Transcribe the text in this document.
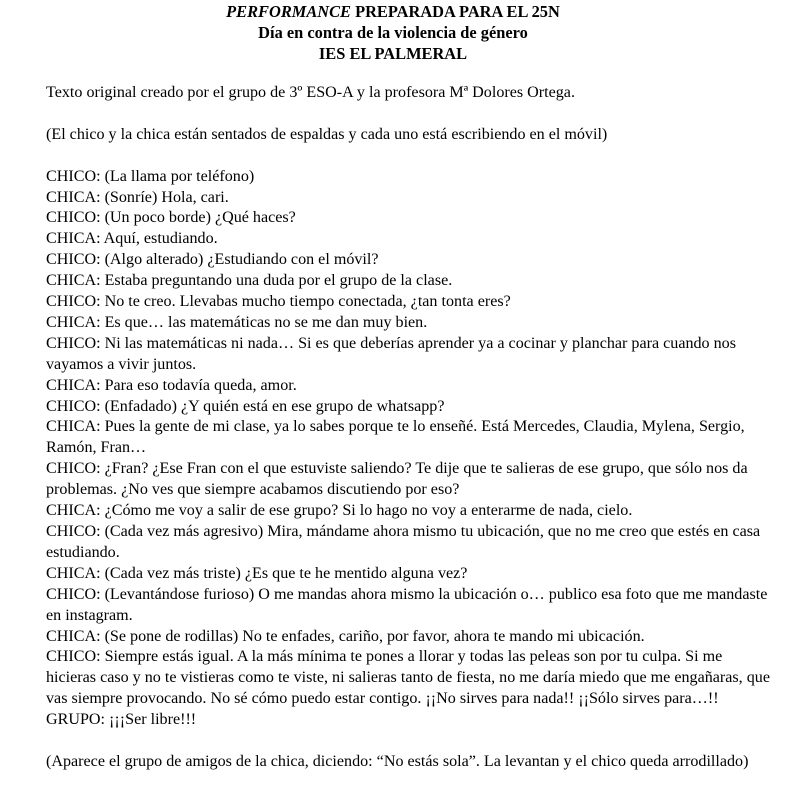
PERFORMANCE PREPARADA PARA EL 25N
Día en contra de la violencia de género
IES EL PALMERAL

Texto original creado por el grupo de 3º ESO-A y la profesora Mª Dolores Ortega.

(El chico y la chica están sentados de espaldas y cada uno está escribiendo en el móvil)

CHICO: (La llama por teléfono)

CHICA: (Sonríe) Hola, cari.

CHICO: (Un poco borde) ¿Qué haces?

CHICA: Aquí, estudiando.

CHICO: (Algo alterado) ¿Estudiando con el móvil?

CHICA: Estaba preguntando una duda por el grupo de la clase.

CHICO: No te creo. Llevabas mucho tiempo conectada, ¿tan tonta eres?

CHICA: Es que… las matemáticas no se me dan muy bien.

CHICO: Ni las matemáticas ni nada… Si es que deberías aprender ya a cocinar y planchar para cuando nos vayamos a vivir juntos.

CHICA: Para eso todavía queda, amor.

CHICO: (Enfadado) ¿Y quién está en ese grupo de whatsapp?

CHICA: Pues la gente de mi clase, ya lo sabes porque te lo enseñé. Está Mercedes, Claudia, Mylena, Sergio, Ramón, Fran…

CHICO: ¿Fran? ¿Ese Fran con el que estuviste saliendo? Te dije que te salieras de ese grupo, que sólo nos da problemas. ¿No ves que siempre acabamos discutiendo por eso?

CHICA: ¿Cómo me voy a salir de ese grupo? Si lo hago no voy a enterarme de nada, cielo.

CHICO: (Cada vez más agresivo) Mira, mándame ahora mismo tu ubicación, que no me creo que estés en casa estudiando.

CHICA: (Cada vez más triste) ¿Es que te he mentido alguna vez?

CHICO: (Levantándose furioso) O me mandas ahora mismo la ubicación o… publico esa foto que me mandaste en instagram.

CHICA: (Se pone de rodillas) No te enfades, cariño, por favor, ahora te mando mi ubicación.

CHICO: Siempre estás igual. A la más mínima te pones a llorar y todas las peleas son por tu culpa. Si me hicieras caso y no te vistieras como te viste, ni salieras tanto de fiesta, no me daría miedo que me engañaras, que vas siempre provocando. No sé cómo puedo estar contigo. ¡¡No sirves para nada!! ¡¡Sólo sirves para…!!

GRUPO: ¡¡¡Ser libre!!!

(Aparece el grupo de amigos de la chica, diciendo: “No estás sola”. La levantan y el chico queda arrodillado)
